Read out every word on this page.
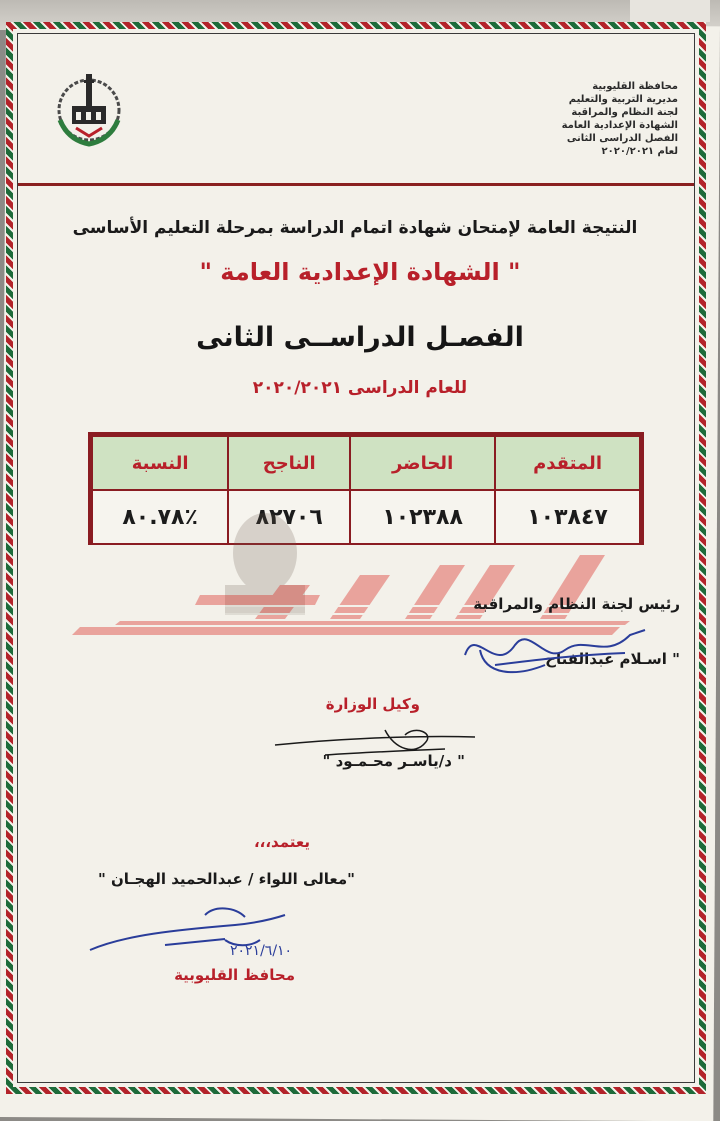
محافظة القليوبية
مديرية التربية والتعليم
لجنة النظام والمراقبة
الشهادة الإعدادية العامة
الفصل الدراسى الثانى
لعام ٢٠٢٠/٢٠٢١
النتيجة العامة لإمتحان شهادة اتمام الدراسة بمرحلة التعليم الأساسى
" الشهادة الإعدادية العامة "
الفصـل الدراســى الثانى
للعام الدراسى ٢٠٢٠/٢٠٢١
المتقدم	الحاضر	الناجح	النسبة
١٠٣٨٤٧	١٠٢٣٨٨	٨٢٧٠٦	٪٨٠.٧٨
رئيس لجنة النظام والمراقبة
" اسـلام عبدالفتاح
وكيل الوزارة
" د/ياسـر محـمـود "
يعتمد،،،
"معالى اللواء / عبدالحميد الهجـان "
٢٠٢١/٦/١٠
محافظ القليوبية
